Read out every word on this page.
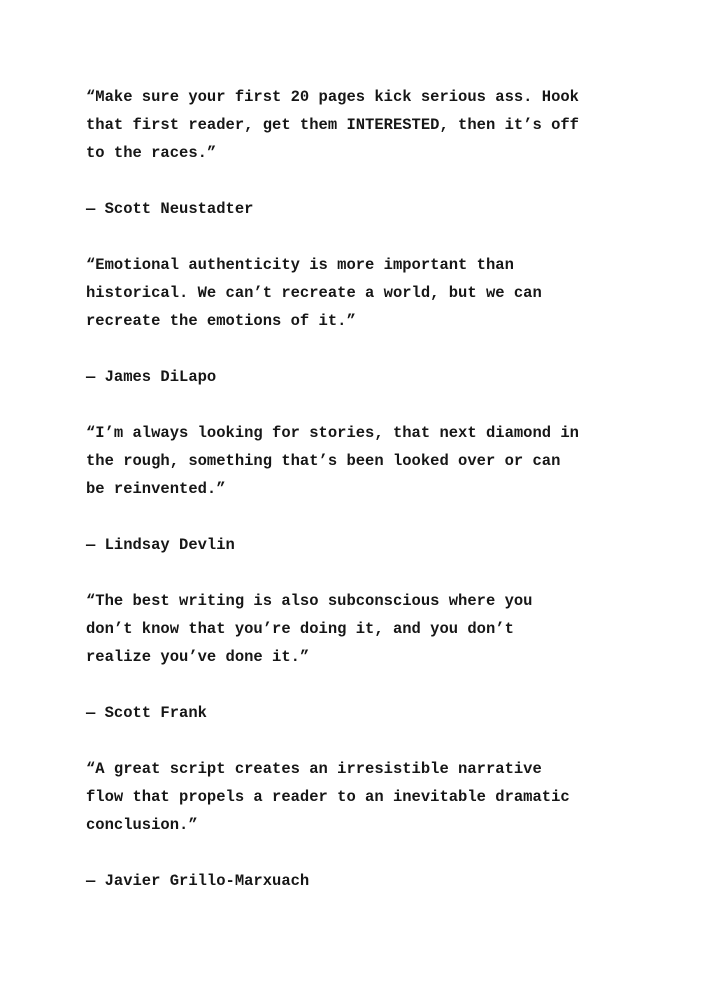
“Make sure your first 20 pages kick serious ass. Hook
that first reader, get them INTERESTED, then it’s off
to the races.”

— Scott Neustadter

“Emotional authenticity is more important than
historical. We can’t recreate a world, but we can
recreate the emotions of it.”

— James DiLapo

“I’m always looking for stories, that next diamond in
the rough, something that’s been looked over or can
be reinvented.”

— Lindsay Devlin

“The best writing is also subconscious where you
don’t know that you’re doing it, and you don’t
realize you’ve done it.”

— Scott Frank

“A great script creates an irresistible narrative
flow that propels a reader to an inevitable dramatic
conclusion.”

— Javier Grillo-Marxuach
